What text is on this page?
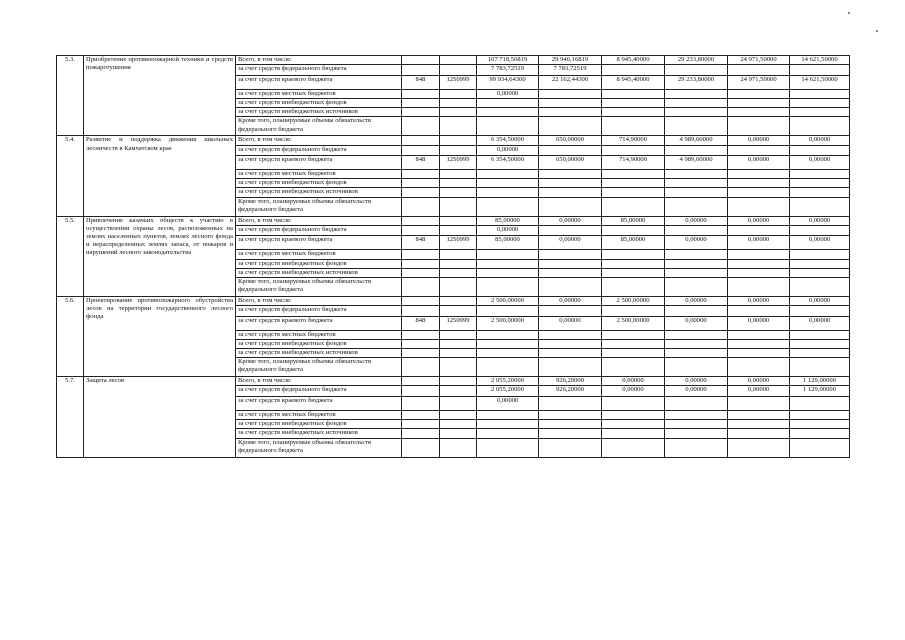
5.3.	Приобретение противопожарной техники и средств пожаротушения	Всего, в том числе:			107 718,56819	29 946,16819	8 945,40000	29 233,80000	24 971,50000	14 621,50000
		за счет средств федерального бюджета			7 783,72519	7 783,72519				
		за счет средств краевого бюджета	848	1250999	99 934,64300	22 162,44300	8 945,40000	29 233,80000	24 971,50000	14 621,50000
		за счет средств местных бюджетов			0,00000					
		за счет средств внебюджетных фондов								
		за счет средств внебюджетных источников								
		Кроме того, планируемые объемы обязательств федерального бюджета								
5.4.	Развитие и поддержка движения школьных лесничеств в Камчатском крае	Всего, в том числе:			6 354,50000	650,00000	714,90000	4 989,60000	0,00000	0,00000
		за счет средств федерального бюджета			0,00000					
		за счет средств краевого бюджета	848	1250999	6 354,50000	650,00000	714,90000	4 989,60000	0,00000	0,00000
		за счет средств местных бюджетов								
		за счет средств внебюджетных фондов								
		за счет средств внебюджетных источников								
		Кроме того, планируемые объемы обязательств федерального бюджета								
5.5.	Привлечение казачьих обществ к участию в осуществлении охраны лесов, расположенных на землях населенных пунктов, землях лесного фонда и нераспределенных землях запаса, от пожаров и нарушений лесного законодательства	Всего, в том числе:			85,00000	0,00000	85,00000	0,00000	0,00000	0,00000
		за счет средств федерального бюджета			0,00000					
		за счет средств краевого бюджета	848	1250999	85,00000	0,00000	85,00000	0,00000	0,00000	0,00000
		за счет средств местных бюджетов								
		за счет средств внебюджетных фондов								
		за счет средств внебюджетных источников								
		Кроме того, планируемые объемы обязательств федерального бюджета								
5.6.	Проектирование противопожарного обустройства лесов на территории государственного лесного фонда	Всего, в том числе:			2 500,00000	0,00000	2 500,00000	0,00000	0,00000	0,00000
		за счет средств федерального бюджета								
		за счет средств краевого бюджета	848	1250999	2 500,00000	0,00000	2 500,00000	0,00000	0,00000	0,00000
		за счет средств местных бюджетов								
		за счет средств внебюджетных фондов								
		за счет средств внебюджетных источников								
		Кроме того, планируемые объемы обязательств федерального бюджета								
5.7.	Защита лесов	Всего, в том числе:			2 055,20000	926,20000	0,00000	0,00000	0,00000	1 129,00000
		за счет средств федерального бюджета			2 055,20000	926,20000	0,00000	0,00000	0,00000	1 129,00000
		за счет средств краевого бюджета			0,00000					
		за счет средств местных бюджетов								
		за счет средств внебюджетных фондов								
		за счет средств внебюджетных источников								
		Кроме того, планируемые объемы обязательств федерального бюджета								
